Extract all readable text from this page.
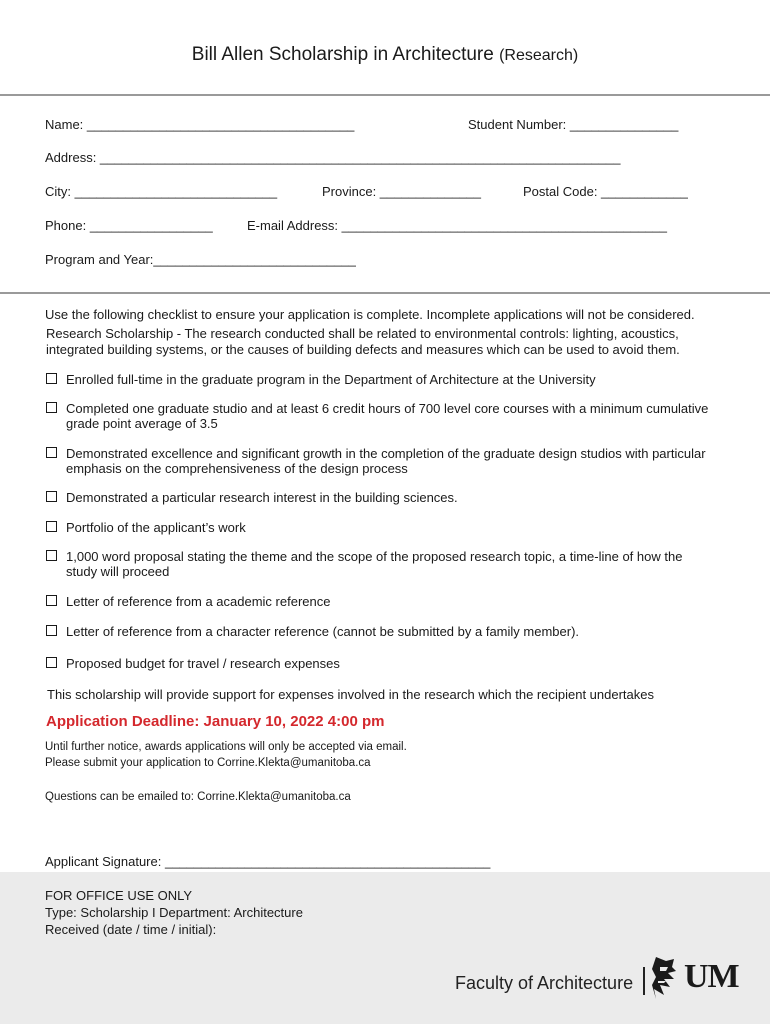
Bill Allen Scholarship in Architecture (Research)
Name: _____________________________________	Student Number: _______________
Address: ________________________________________________________________________
City: ____________________________	Province: ______________	Postal Code: ____________
Phone: _________________	E-mail Address: _____________________________________________
Program and Year:____________________________
Use the following checklist to ensure your application is complete. Incomplete applications will not be considered.
Research Scholarship - The research conducted shall be related to environmental controls: lighting, acoustics,
integrated building systems, or the causes of building defects and measures which can be used to avoid them.
Enrolled full-time in the graduate program in the Department of Architecture at the University
Completed one graduate studio and at least 6 credit hours of 700 level core courses with a minimum cumulative
grade point average of 3.5
Demonstrated excellence and significant growth in the completion of the graduate design studios with particular
emphasis on the comprehensiveness of the design process
Demonstrated a particular research interest in the building sciences.
Portfolio of the applicant’s work
1,000 word proposal stating the theme and the scope of the proposed research topic, a time-line of how the
study will proceed
Letter of reference from a academic reference
Letter of reference from a character reference (cannot be submitted by a family member).
Proposed budget for travel / research expenses
This scholarship will provide support for expenses involved in the research which the recipient undertakes
Application Deadline: January 10, 2022 4:00 pm
Until further notice, awards applications will only be accepted via email.
Please submit your application to Corrine.Klekta@umanitoba.ca
Questions can be emailed to: Corrine.Klekta@umanitoba.ca
Applicant Signature: _____________________________________________
FOR OFFICE USE ONLY
Type: Scholarship I Department: Architecture
Received (date / time / initial):
Faculty of Architecture UM
